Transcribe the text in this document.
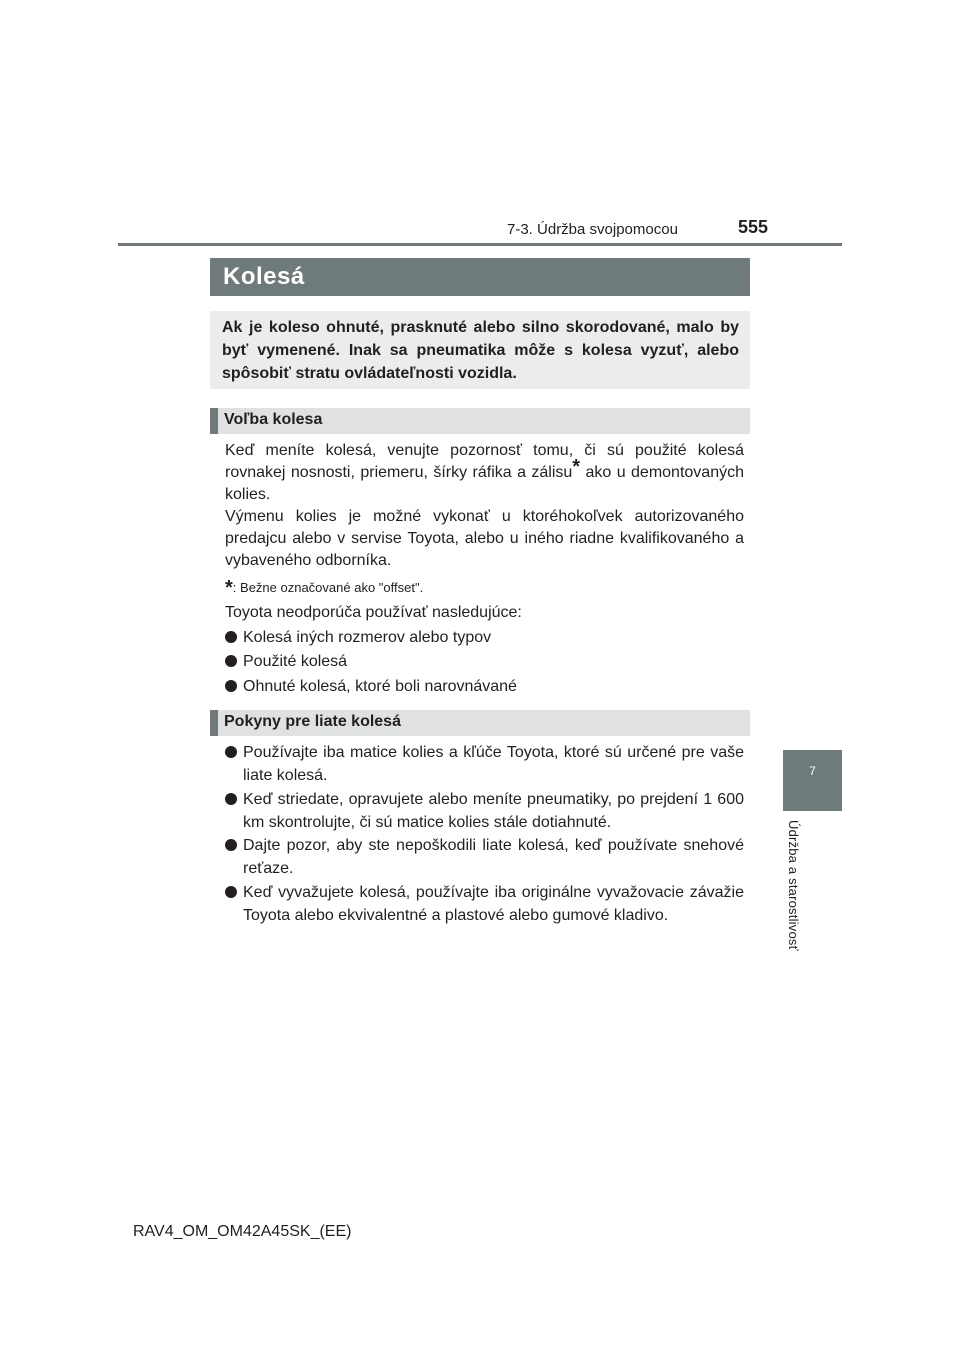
7-3. Údržba svojpomocou	555
7
Údržba a starostlivosť
Kolesá
Ak je koleso ohnuté, prasknuté alebo silno skorodované, malo by byť vymenené. Inak sa pneumatika môže s kolesa vyzuť, alebo spôsobiť stratu ovládateľnosti vozidla.
Voľba kolesa

Keď meníte kolesá, venujte pozornosť tomu, či sú použité kolesá rovnakej nosnosti, priemeru, šírky ráfika a zálisu* ako u demontovaných kolies.

Výmenu kolies je možné vykonať u ktoréhokoľvek autorizovaného predajcu alebo v servise Toyota, alebo u iného riadne kvalifikovaného a vybaveného odborníka.

*: Bežne označované ako "offset".
Toyota neodporúča používať nasledujúce:
Kolesá iných rozmerov alebo typov
Použité kolesá
Ohnuté kolesá, ktoré boli narovnávané
Pokyny pre liate kolesá
Používajte iba matice kolies a kľúče Toyota, ktoré sú určené pre vaše liate kolesá.
Keď striedate, opravujete alebo meníte pneumatiky, po prejdení 1 600 km skontrolujte, či sú matice kolies stále dotiahnuté.
Dajte pozor, aby ste nepoškodili liate kolesá, keď používate snehové reťaze.
Keď vyvažujete kolesá, používajte iba originálne vyvažovacie závažie Toyota alebo ekvivalentné a plastové alebo gumové kladivo.
RAV4_OM_OM42A45SK_(EE)
